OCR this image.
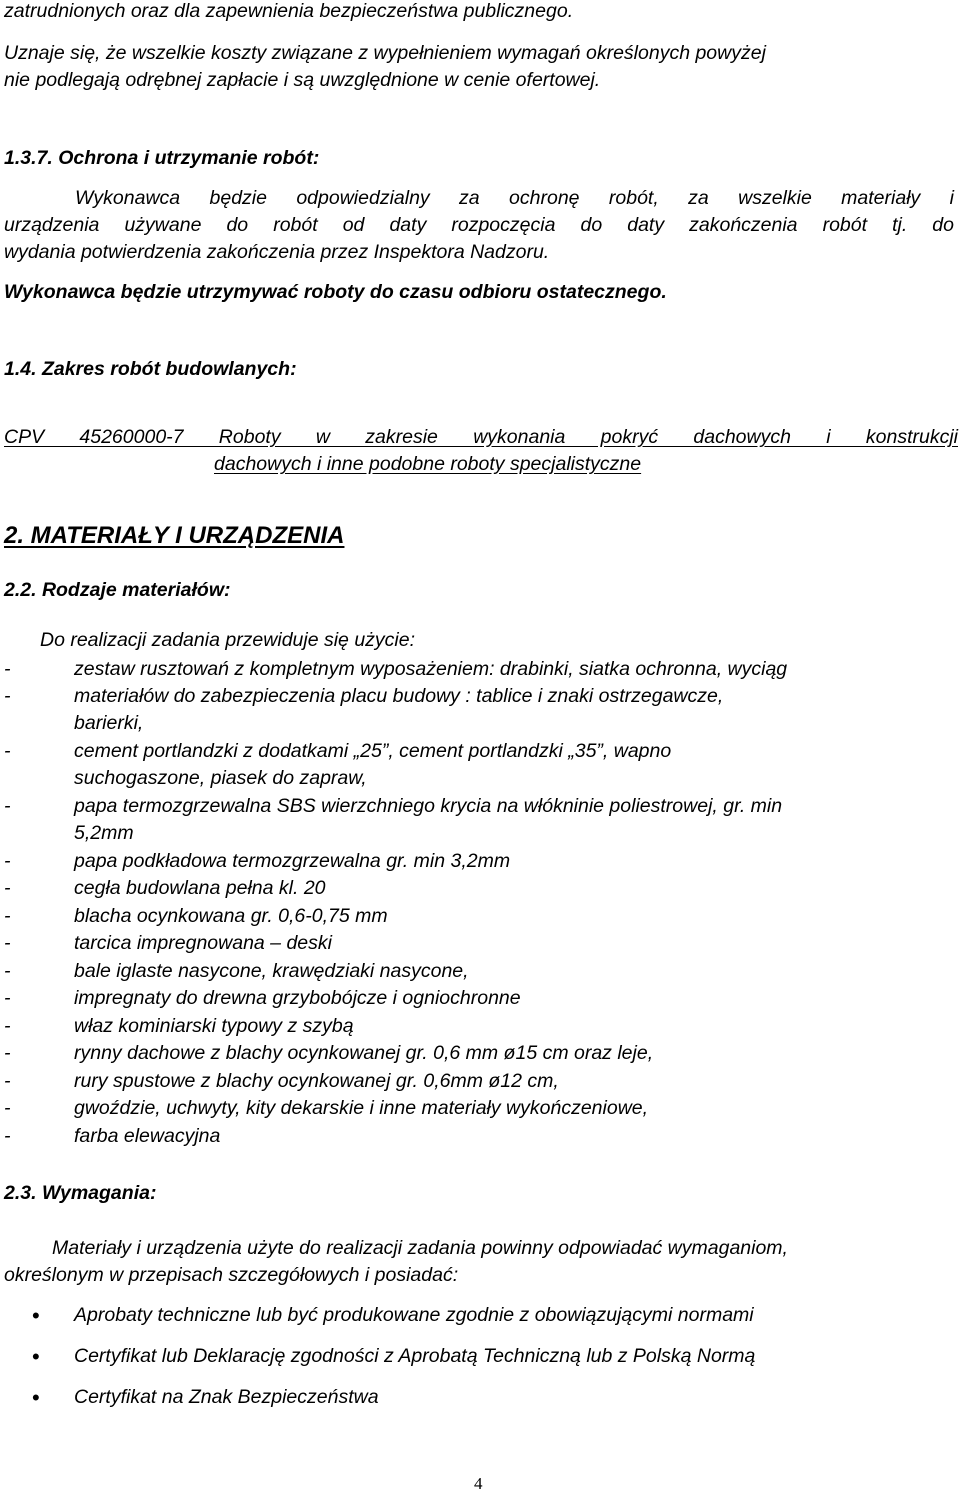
zatrudnionych oraz dla zapewnienia bezpieczeństwa publicznego.
Uznaje się, że wszelkie koszty związane z wypełnieniem wymagań określonych powyżej
nie podlegają odrębnej zapłacie i są uwzględnione w cenie ofertowej.
1.3.7. Ochrona i utrzymanie robót:
Wykonawca będzie odpowiedzialny za ochronę robót, za wszelkie materiały i
urządzenia używane do robót od daty rozpoczęcia do daty zakończenia robót tj. do
wydania potwierdzenia zakończenia przez Inspektora Nadzoru.
Wykonawca będzie utrzymywać roboty do czasu odbioru ostatecznego.
1.4. Zakres robót budowlanych:
CPV 45260000-7 Roboty w zakresie wykonania pokryć dachowych i konstrukcji
dachowych i inne podobne roboty specjalistyczne
2. MATERIAŁY I URZĄDZENIA
2.2. Rodzaje materiałów:
Do realizacji zadania przewiduje się użycie:
-	zestaw rusztowań z kompletnym wyposażeniem: drabinki, siatka ochronna, wyciąg
-	materiałów do zabezpieczenia placu budowy : tablice i znaki ostrzegawcze,
barierki,
-	cement portlandzki z dodatkami „25”, cement portlandzki „35”, wapno
suchogaszone, piasek do zapraw,
-	papa termozgrzewalna SBS wierzchniego krycia na włókninie poliestrowej, gr. min
5,2mm
-	papa podkładowa termozgrzewalna gr. min 3,2mm
-	cegła budowlana pełna kl. 20
-	blacha ocynkowana gr. 0,6-0,75 mm
-	tarcica impregnowana – deski
-	bale iglaste nasycone, krawędziaki nasycone,
-	impregnaty do drewna grzybobójcze i ogniochronne
-	właz kominiarski typowy z szybą
-	rynny dachowe z blachy ocynkowanej gr. 0,6 mm ø15 cm oraz leje,
-	rury spustowe z blachy ocynkowanej gr. 0,6mm ø12 cm,
-	gwoździe, uchwyty, kity dekarskie i inne materiały wykończeniowe,
-	farba elewacyjna
2.3. Wymagania:
Materiały i urządzenia użyte do realizacji zadania powinny odpowiadać wymaganiom,
określonym w przepisach szczegółowych i posiadać:
• Aprobaty techniczne lub być produkowane zgodnie z obowiązującymi normami
• Certyfikat lub Deklarację zgodności z Aprobatą Techniczną lub z Polską Normą
• Certyfikat na Znak Bezpieczeństwa
4
